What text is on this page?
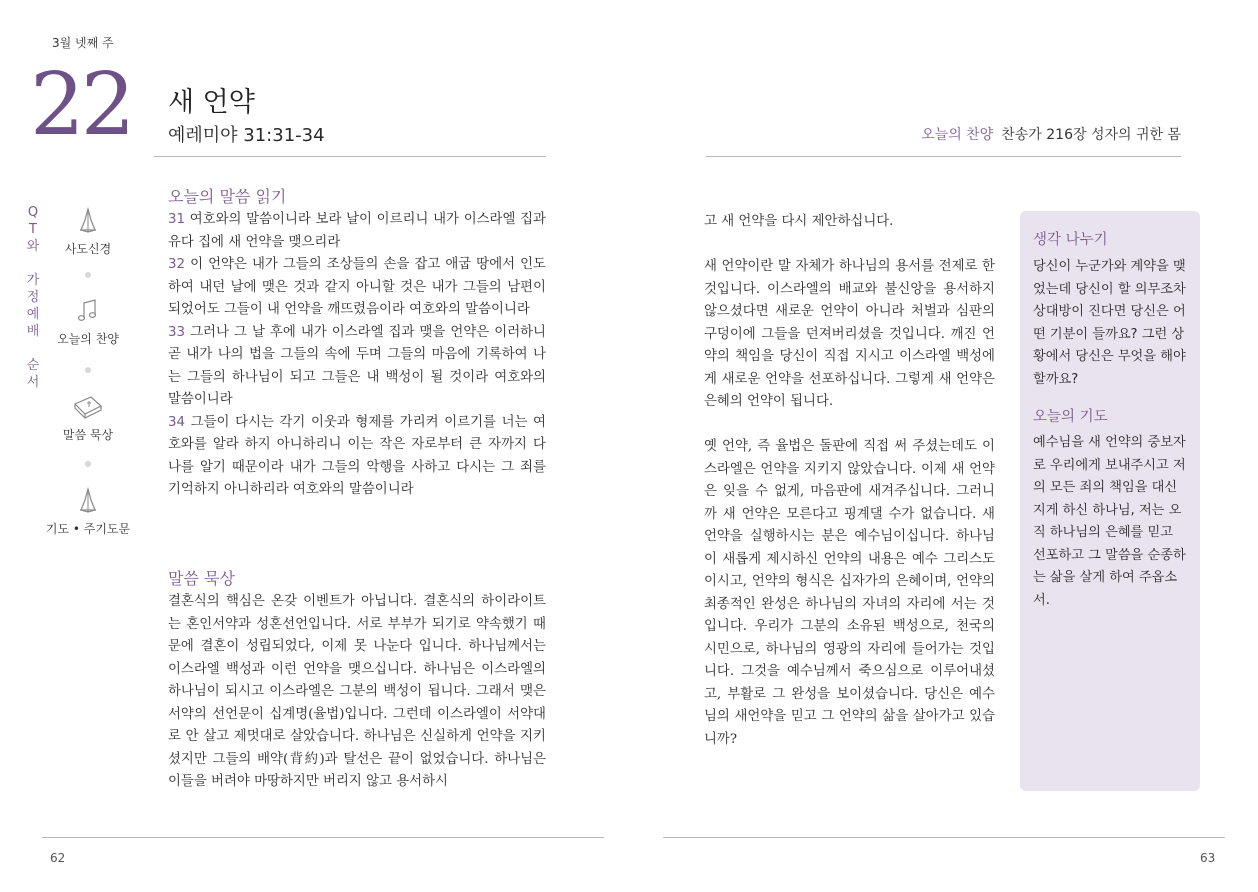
3월 넷째 주
22 새 언약
예레미야 31:31-34
Q
T
와

가
정
예
배

순
서
사도신경
오늘의 찬양
말씀 묵상
기도 • 주기도문
오늘의 말씀 읽기
31 여호와의 말씀이니라 보라 날이 이르리니 내가 이스라엘 집과 유다 집에 새 언약을 맺으리라
32 이 언약은 내가 그들의 조상들의 손을 잡고 애굽 땅에서 인도하여 내던 날에 맺은 것과 같지 아니할 것은 내가 그들의 남편이 되었어도 그들이 내 언약을 깨뜨렸음이라 여호와의 말씀이니라
33 그러나 그 날 후에 내가 이스라엘 집과 맺을 언약은 이러하니 곧 내가 나의 법을 그들의 속에 두며 그들의 마음에 기록하여 나는 그들의 하나님이 되고 그들은 내 백성이 될 것이라 여호와의 말씀이니라
34 그들이 다시는 각기 이웃과 형제를 가리켜 이르기를 너는 여호와를 알라 하지 아니하리니 이는 작은 자로부터 큰 자까지 다 나를 알기 때문이라 내가 그들의 악행을 사하고 다시는 그 죄를 기억하지 아니하리라 여호와의 말씀이니라
말씀 묵상
결혼식의 핵심은 온갖 이벤트가 아닙니다. 결혼식의 하이라이트는 혼인서약과 성혼선언입니다. 서로 부부가 되기로 약속했기 때문에 결혼이 성립되었다, 이제 못 나눈다 입니다. 하나님께서는 이스라엘 백성과 이런 언약을 맺으십니다. 하나님은 이스라엘의 하나님이 되시고 이스라엘은 그분의 백성이 됩니다. 그래서 맺은 서약의 선언문이 십계명(율법)입니다. 그런데 이스라엘이 서약대로 안 살고 제멋대로 살았습니다. 하나님은 신실하게 언약을 지키셨지만 그들의 배약(背約)과 탈선은 끝이 없었습니다. 하나님은 이들을 버려야 마땅하지만 버리지 않고 용서하시
62
오늘의 찬양 찬송가 216장 성자의 귀한 몸
고 새 언약을 다시 제안하십니다.
새 언약이란 말 자체가 하나님의 용서를 전제로 한 것입니다. 이스라엘의 배교와 불신앙을 용서하지 않으셨다면 새로운 언약이 아니라 처벌과 심판의 구덩이에 그들을 던져버리셨을 것입니다. 깨진 언약의 책임을 당신이 직접 지시고 이스라엘 백성에게 새로운 언약을 선포하십니다. 그렇게 새 언약은 은혜의 언약이 됩니다.
옛 언약, 즉 율법은 돌판에 직접 써 주셨는데도 이스라엘은 언약을 지키지 않았습니다. 이제 새 언약은 잊을 수 없게, 마음판에 새겨주십니다. 그러니까 새 언약은 모른다고 핑계댈 수가 없습니다. 새 언약을 실행하시는 분은 예수님이십니다. 하나님이 새롭게 제시하신 언약의 내용은 예수 그리스도이시고, 언약의 형식은 십자가의 은혜이며, 언약의 최종적인 완성은 하나님의 자녀의 자리에 서는 것입니다. 우리가 그분의 소유된 백성으로, 천국의 시민으로, 하나님의 영광의 자리에 들어가는 것입니다. 그것을 예수님께서 죽으심으로 이루어내셨고, 부활로 그 완성을 보이셨습니다. 당신은 예수님의 새언약을 믿고 그 언약의 삶을 살아가고 있습니까?
생각 나누기
당신이 누군가와 계약을 맺었는데 당신이 할 의무조차 상대방이 진다면 당신은 어떤 기분이 들까요? 그런 상황에서 당신은 무엇을 해야 할까요?
오늘의 기도
예수님을 새 언약의 중보자로 우리에게 보내주시고 저의 모든 죄의 책임을 대신 지게 하신 하나님, 저는 오직 하나님의 은혜를 믿고 선포하고 그 말씀을 순종하는 삶을 살게 하여 주옵소서.
63
